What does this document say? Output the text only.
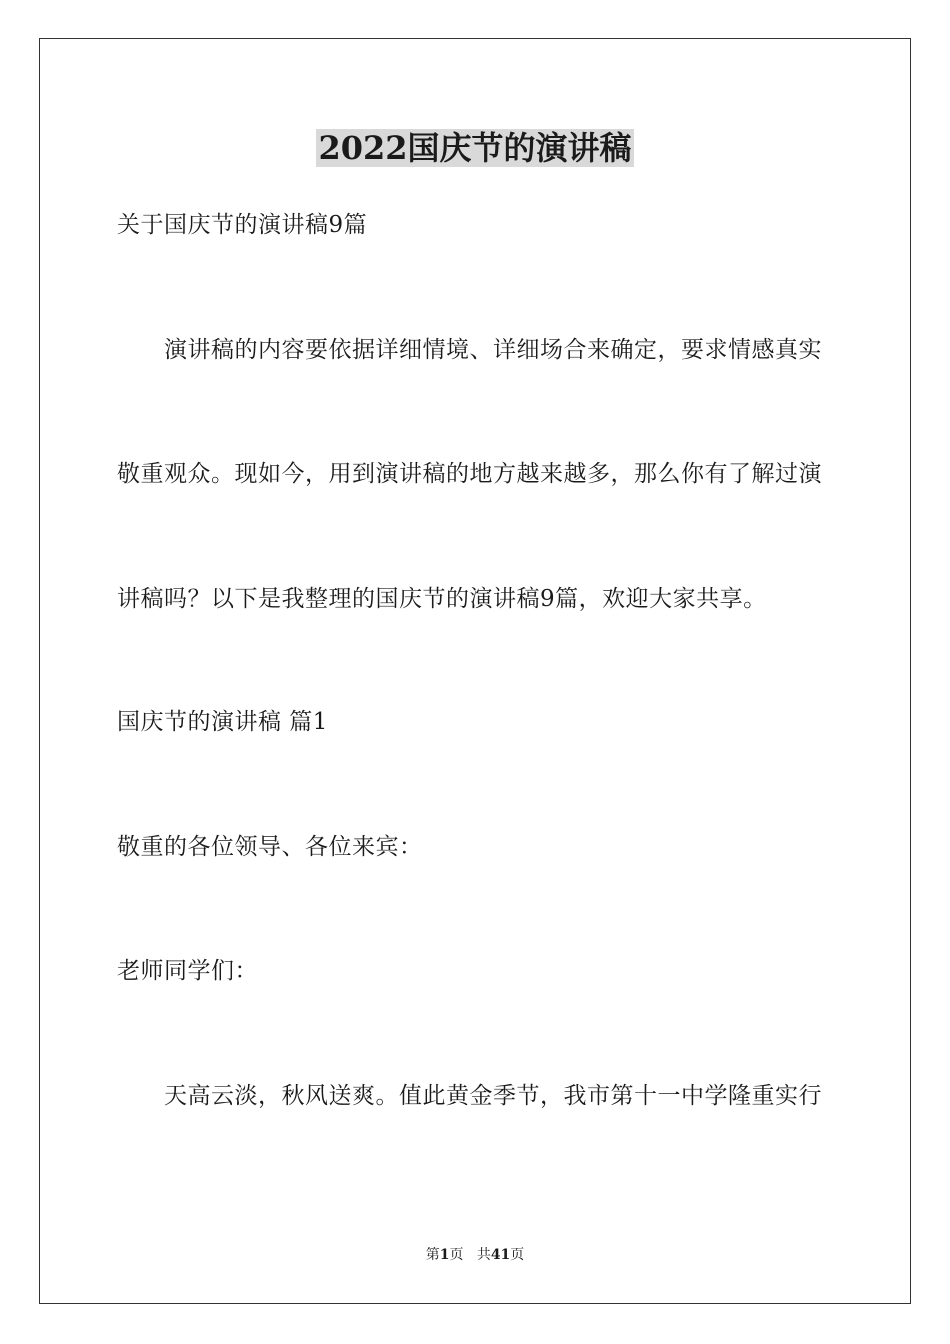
2022国庆节的演讲稿
关于国庆节的演讲稿9篇
演讲稿的内容要依据详细情境、详细场合来确定，要求情感真实
敬重观众。现如今，用到演讲稿的地方越来越多，那么你有了解过演
讲稿吗？以下是我整理的国庆节的演讲稿9篇，欢迎大家共享。
国庆节的演讲稿 篇1
敬重的各位领导、各位来宾：
老师同学们：
天高云淡，秋风送爽。值此黄金季节，我市第十一中学隆重实行
第1页 共41页
